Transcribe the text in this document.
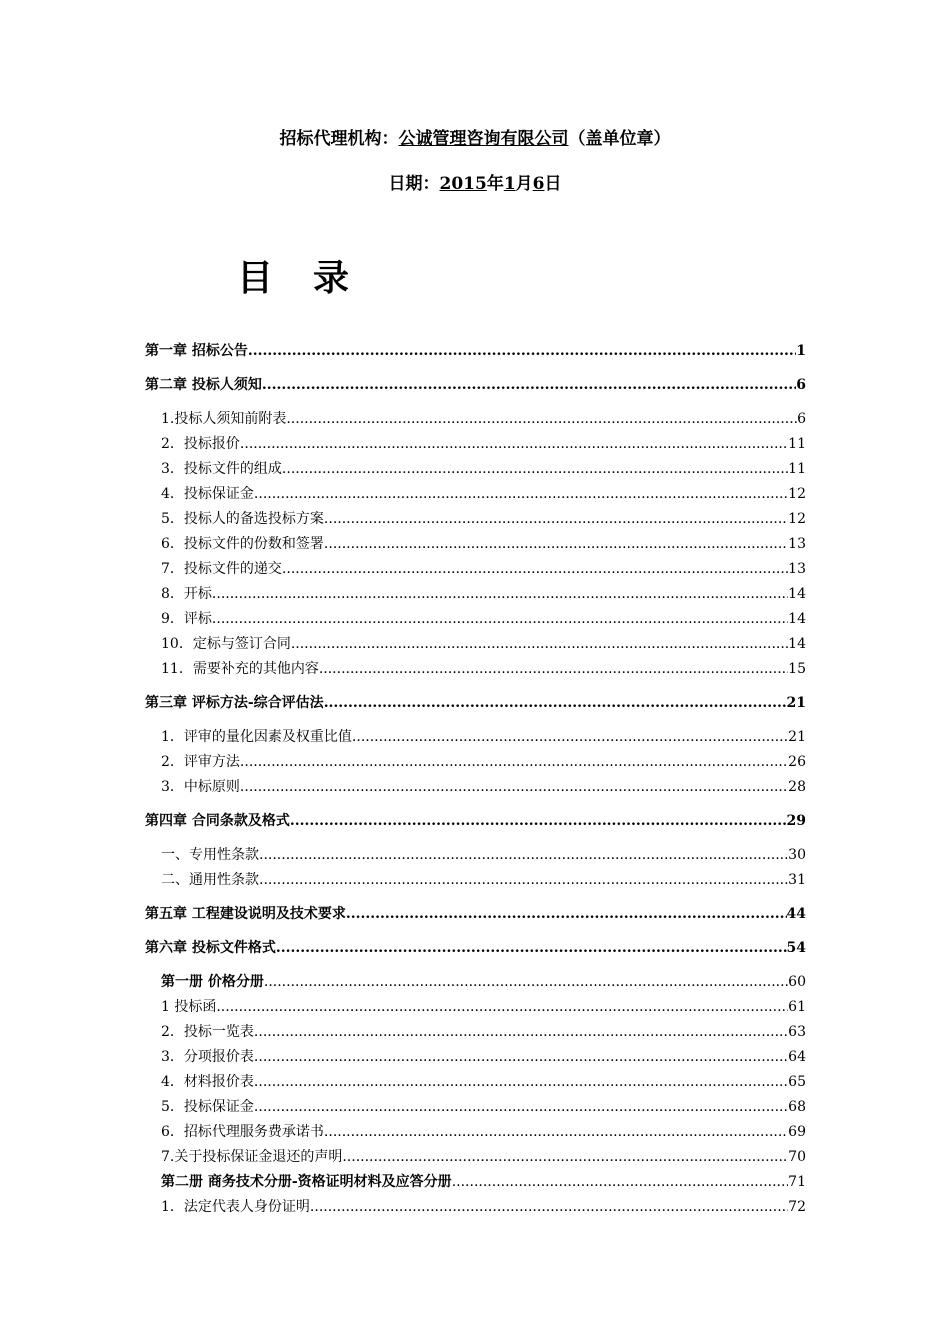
招标代理机构：公诚管理咨询有限公司（盖单位章）
日期：2015年1月6日
目录
第一章 招标公告 .....	1
第二章 投标人须知 .....	6
1.投标人须知前附表 .....	6
2．投标报价 .....	11
3．投标文件的组成 .....	11
4．投标保证金 .....	12
5．投标人的备选投标方案 .....	12
6．投标文件的份数和签署 .....	13
7．投标文件的递交 .....	13
8．开标 .....	14
9．评标 .....	14
10．定标与签订合同 .....	14
11．需要补充的其他内容 .....	15
第三章 评标方法-综合评估法 .....	21
1．评审的量化因素及权重比值 .....	21
2．评审方法 .....	26
3．中标原则 .....	28
第四章 合同条款及格式 .....	29
一、专用性条款 .....	30
二、通用性条款 .....	31
第五章 工程建设说明及技术要求 .....	44
第六章 投标文件格式 .....	54
第一册 价格分册 .....	60
1 投标函 .....	61
2．投标一览表 .....	63
3．分项报价表 .....	64
4．材料报价表 .....	65
5．投标保证金 .....	68
6．招标代理服务费承诺书 .....	69
7.关于投标保证金退还的声明 .....	70
第二册 商务技术分册-资格证明材料及应答分册 .....	71
1．法定代表人身份证明 .....	72
